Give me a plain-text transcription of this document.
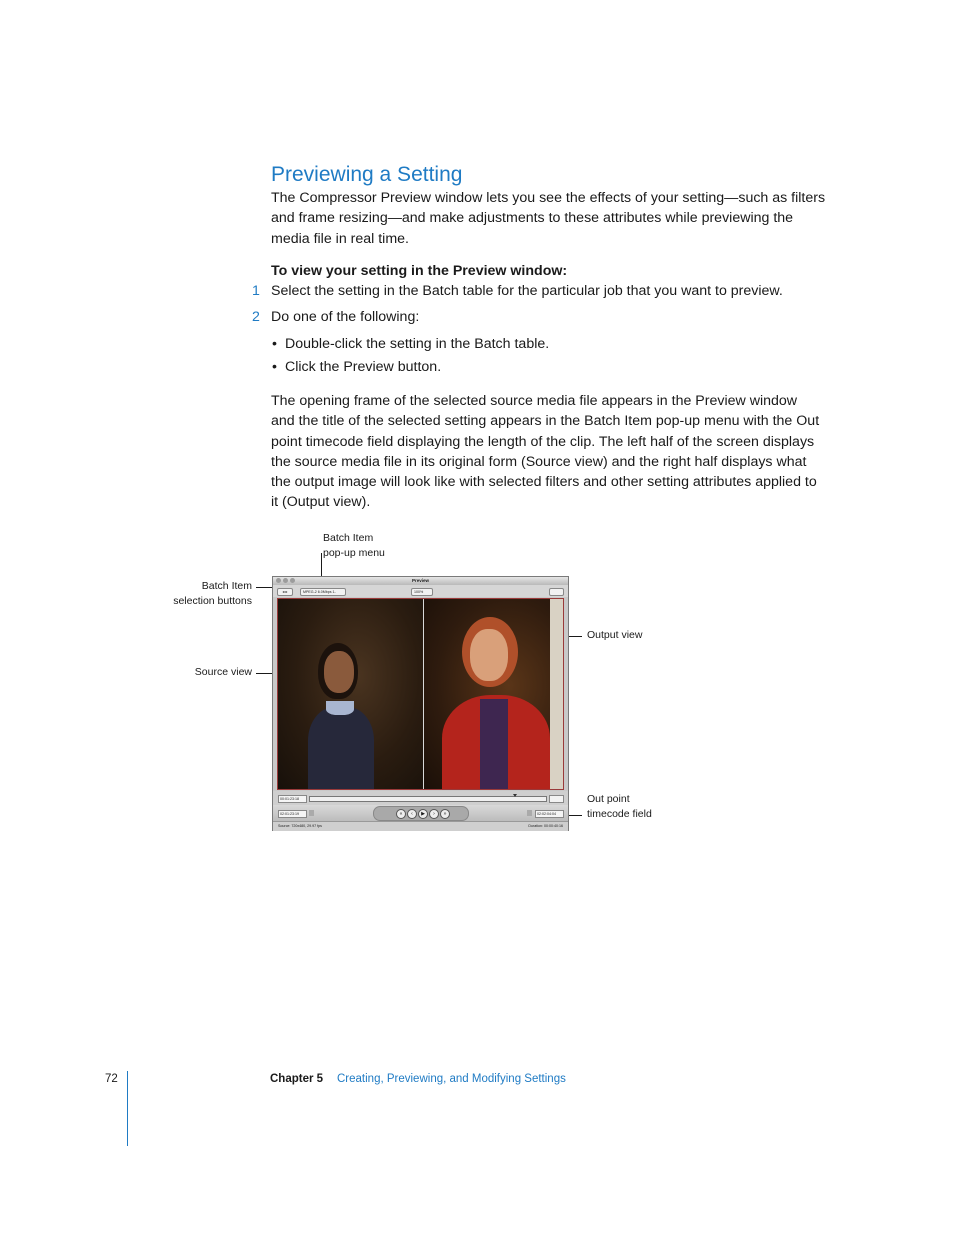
Previewing a Setting
The Compressor Preview window lets you see the effects of your setting—such as filters and frame resizing—and make adjustments to these attributes while previewing the media file in real time.
To view your setting in the Preview window:
1 Select the setting in the Batch table for the particular job that you want to preview.
2 Do one of the following:
• Double-click the setting in the Batch table.
• Click the Preview button.
The opening frame of the selected source media file appears in the Preview window and the title of the selected setting appears in the Batch Item pop-up menu with the Out point timecode field displaying the length of the clip. The left half of the screen displays the source media file in its original form (Source view) and the right half displays what the output image will look like with selected filters and other setting attributes applied to it (Output view).
Batch Item
pop-up menu
Batch Item
selection buttons
Source view
Output view
Out point
timecode field
Preview
◂ ▸	MPEG-2 6.0Mbps 1-	100%
00:01:23:18
02:01:23:19	«	‹	▶	›	»	02:02:04:04
Source: 720x480, 29.97 fps	Duration: 00:00:40:16
72	Chapter 5 Creating, Previewing, and Modifying Settings
